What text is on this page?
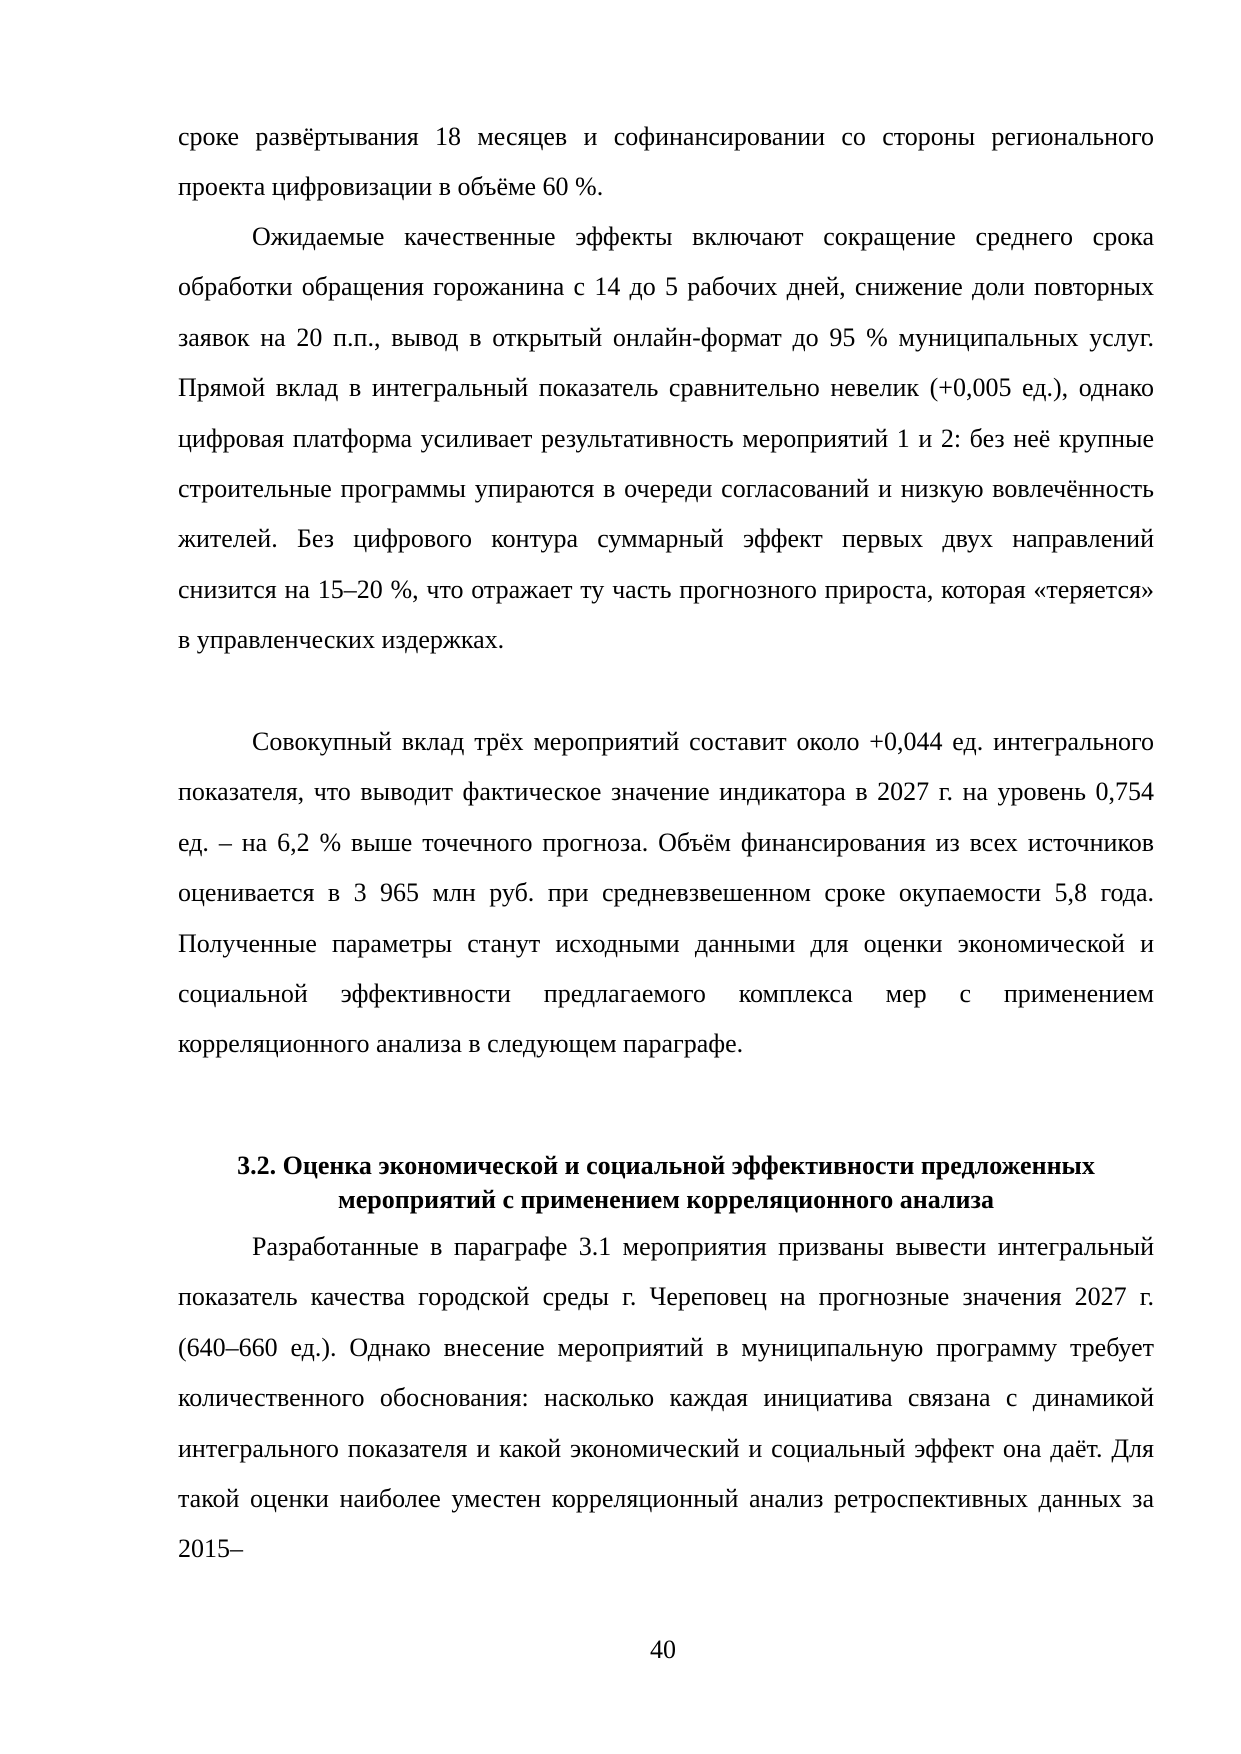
сроке развёртывания 18 месяцев и софинансировании со стороны регионального проекта цифровизации в объёме 60 %.

Ожидаемые качественные эффекты включают сокращение среднего срока обработки обращения горожанина с 14 до 5 рабочих дней, снижение доли повторных заявок на 20 п.п., вывод в открытый онлайн-формат до 95 % муниципальных услуг. Прямой вклад в интегральный показатель сравнительно невелик (+0,005 ед.), однако цифровая платформа усиливает результативность мероприятий 1 и 2: без неё крупные строительные программы упираются в очереди согласований и низкую вовлечённость жителей. Без цифрового контура суммарный эффект первых двух направлений снизится на 15–20 %, что отражает ту часть прогнозного прироста, которая «теряется» в управленческих издержках.

Совокупный вклад трёх мероприятий составит около +0,044 ед. интегрального показателя, что выводит фактическое значение индикатора в 2027 г. на уровень 0,754 ед. – на 6,2 % выше точечного прогноза. Объём финансирования из всех источников оценивается в 3 965 млн руб. при средневзвешенном сроке окупаемости 5,8 года. Полученные параметры станут исходными данными для оценки экономической и социальной эффективности предлагаемого комплекса мер с применением корреляционного анализа в следующем параграфе.

3.2. Оценка экономической и социальной эффективности предложенных
мероприятий с применением корреляционного анализа

Разработанные в параграфе 3.1 мероприятия призваны вывести интегральный показатель качества городской среды г. Череповец на прогнозные значения 2027 г. (640–660 ед.). Однако внесение мероприятий в муниципальную программу требует количественного обоснования: насколько каждая инициатива связана с динамикой интегрального показателя и какой экономический и социальный эффект она даёт. Для такой оценки наиболее уместен корреляционный анализ ретроспективных данных за 2015–

40
